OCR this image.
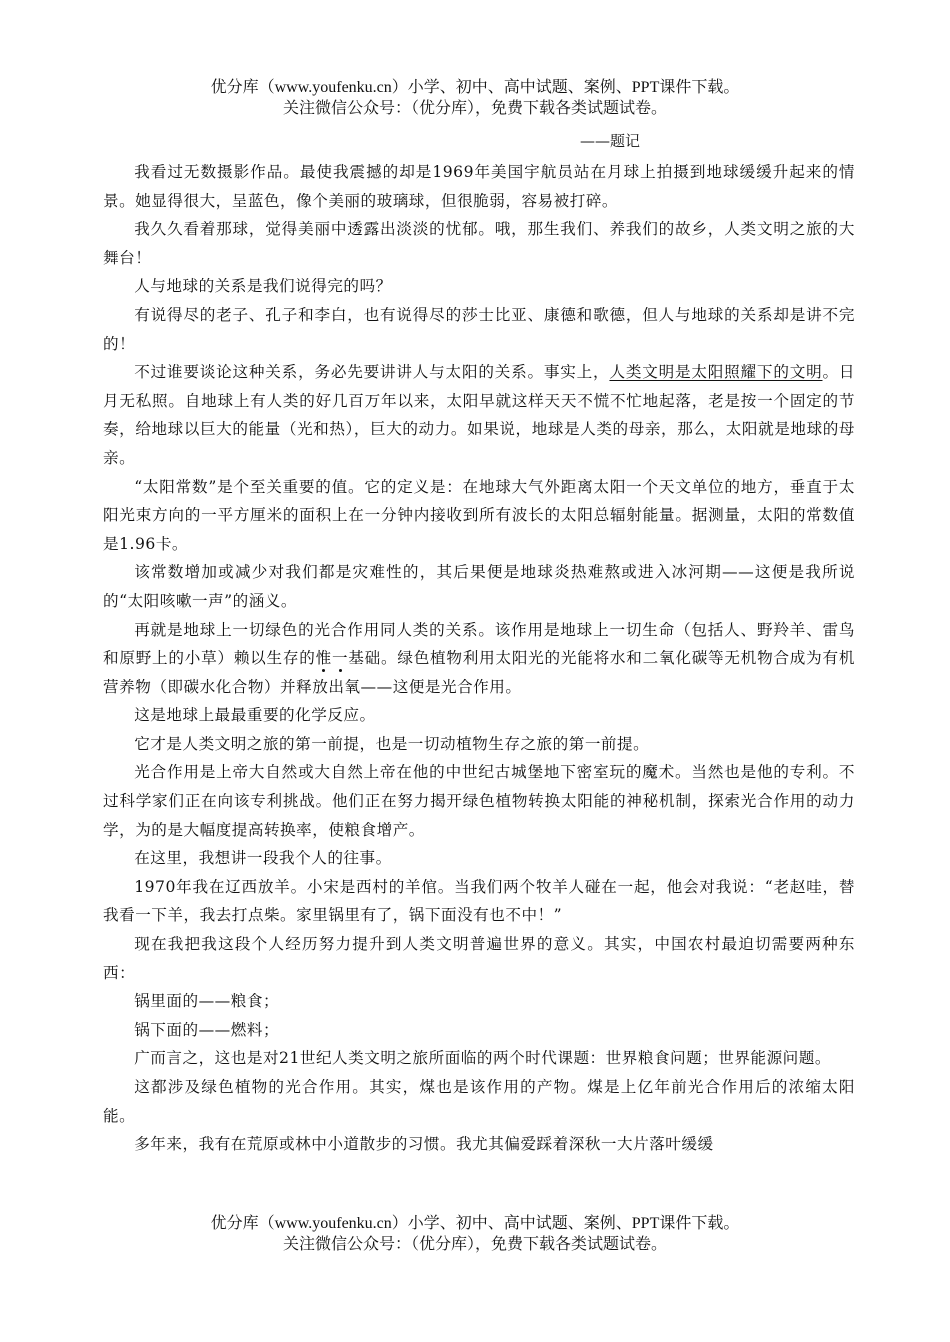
优分库（www.youfenku.cn）小学、初中、高中试题、案例、PPT课件下载。
关注微信公众号：（优分库），免费下载各类试题试卷。
——题记

我看过无数摄影作品。最使我震撼的却是1969年美国宇航员站在月球上拍摄到地球缓缓升起来的情景。她显得很大，呈蓝色，像个美丽的玻璃球，但很脆弱，容易被打碎。

我久久看着那球，觉得美丽中透露出淡淡的忧郁。哦，那生我们、养我们的故乡，人类文明之旅的大舞台！

人与地球的关系是我们说得完的吗？

有说得尽的老子、孔子和李白，也有说得尽的莎士比亚、康德和歌德，但人与地球的关系却是讲不完的！

不过谁要谈论这种关系，务必先要讲讲人与太阳的关系。事实上，人类文明是太阳照耀下的文明。日月无私照。自地球上有人类的好几百万年以来，太阳早就这样天天不慌不忙地起落，老是按一个固定的节奏，给地球以巨大的能量（光和热），巨大的动力。如果说，地球是人类的母亲，那么，太阳就是地球的母亲。

“太阳常数”是个至关重要的值。它的定义是：在地球大气外距离太阳一个天文单位的地方，垂直于太阳光束方向的一平方厘米的面积上在一分钟内接收到所有波长的太阳总辐射能量。据测量，太阳的常数值是1.96卡。

该常数增加或减少对我们都是灾难性的，其后果便是地球炎热难熬或进入冰河期——这便是我所说的“太阳咳嗽一声”的涵义。

再就是地球上一切绿色的光合作用同人类的关系。该作用是地球上一切生命（包括人、野羚羊、雷鸟和原野上的小草）赖以生存的惟一基础。绿色植物利用太阳光的光能将水和二氧化碳等无机物合成为有机营养物（即碳水化合物）并释放出氧——这便是光合作用。

这是地球上最最重要的化学反应。

它才是人类文明之旅的第一前提，也是一切动植物生存之旅的第一前提。

光合作用是上帝大自然或大自然上帝在他的中世纪古城堡地下密室玩的魔术。当然也是他的专利。不过科学家们正在向该专利挑战。他们正在努力揭开绿色植物转换太阳能的神秘机制，探索光合作用的动力学，为的是大幅度提高转换率，使粮食增产。

在这里，我想讲一段我个人的往事。

1970年我在辽西放羊。小宋是西村的羊倌。当我们两个牧羊人碰在一起，他会对我说：“老赵哇，替我看一下羊，我去打点柴。家里锅里有了，锅下面没有也不中！”

现在我把我这段个人经历努力提升到人类文明普遍世界的意义。其实，中国农村最迫切需要两种东西：

锅里面的——粮食；

锅下面的——燃料；

广而言之，这也是对21世纪人类文明之旅所面临的两个时代课题：世界粮食问题；世界能源问题。

这都涉及绿色植物的光合作用。其实，煤也是该作用的产物。煤是上亿年前光合作用后的浓缩太阳能。

多年来，我有在荒原或林中小道散步的习惯。我尤其偏爱踩着深秋一大片落叶缓缓

优分库（www.youfenku.cn）小学、初中、高中试题、案例、PPT课件下载。
关注微信公众号：（优分库），免费下载各类试题试卷。
